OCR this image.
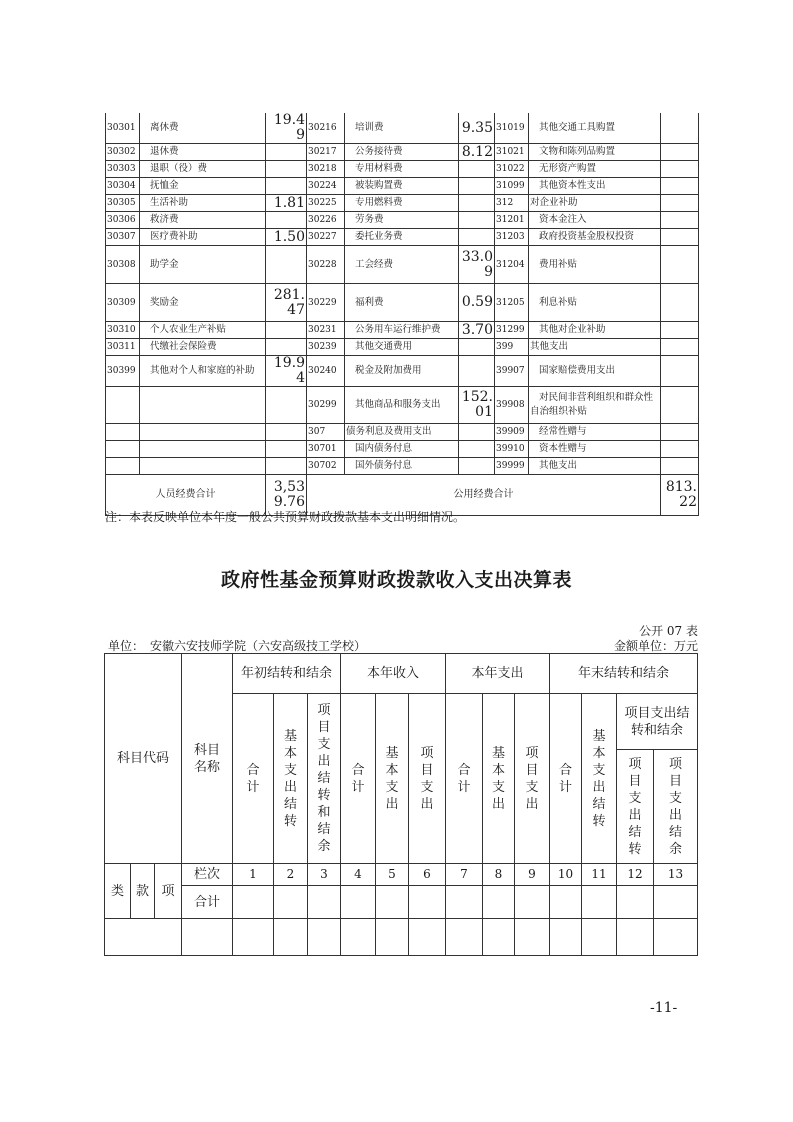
30301	离休费	19.49	30216	培训费	9.35	31019	其他交通工具购置	
30302	退休费		30217	公务接待费	8.12	31021	文物和陈列品购置	
30303	退职（役）费		30218	专用材料费		31022	无形资产购置	
30304	抚恤金		30224	被装购置费		31099	其他资本性支出	
30305	生活补助	1.81	30225	专用燃料费		312	对企业补助	
30306	救济费		30226	劳务费		31201	资本金注入	
30307	医疗费补助	1.50	30227	委托业务费		31203	政府投资基金股权投资	
30308	助学金		30228	工会经费	33.09	31204	费用补贴	
30309	奖励金	281.47	30229	福利费	0.59	31205	利息补贴	
30310	个人农业生产补贴		30231	公务用车运行维护费	3.70	31299	其他对企业补助	
30311	代缴社会保险费		30239	其他交通费用		399	其他支出	
30399	其他对个人和家庭的补助	19.94	30240	税金及附加费用		39907	国家赔偿费用支出	
			30299	其他商品和服务支出	152.01	39908	对民间非营利组织和群众性自治组织补贴	
			307	债务利息及费用支出		39909	经常性赠与	
			30701	国内债务付息		39910	资本性赠与	
			30702	国外债务付息		39999	其他支出	
人员经费合计		3,539.76	公用经费合计					813.22
注：本表反映单位本年度一般公共预算财政拨款基本支出明细情况。
政府性基金预算财政拨款收入支出决算表
公开 07 表
单位：　安徽六安技师学院（六安高级技工学校）	金额单位：万元
科目代码			科目名称	年初结转和结余			本年收入			本年支出			年末结转和结余			
				合计	基本支出结转	项目支出结转和结余	合计	基本支出	项目支出	合计	基本支出	项目支出	合计	基本支出结转	项目支出结转和结余	
															项目支出结转	项目支出结余
类	款	项	栏次	1	2	3	4	5	6	7	8	9	10	11	12	13
			合计													

-11-
